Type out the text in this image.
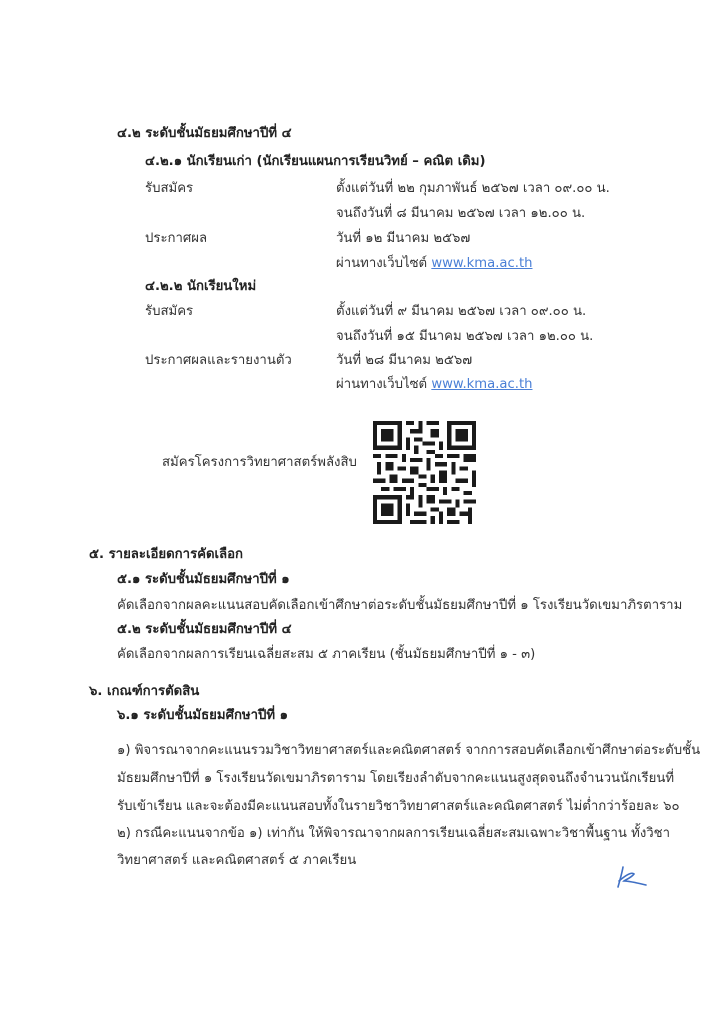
๔.๒ ระดับชั้นมัธยมศึกษาปีที่ ๔
๔.๒.๑ นักเรียนเก่า (นักเรียนแผนการเรียนวิทย์ – คณิต เดิม)
รับสมัคร	ตั้งแต่วันที่ ๒๒ กุมภาพันธ์ ๒๕๖๗ เวลา ๐๙.๐๐ น.
จนถึงวันที่ ๘ มีนาคม ๒๕๖๗ เวลา ๑๒.๐๐ น.
ประกาศผล	วันที่ ๑๒ มีนาคม ๒๕๖๗
ผ่านทางเว็บไซต์ www.kma.ac.th
๔.๒.๒ นักเรียนใหม่
รับสมัคร	ตั้งแต่วันที่ ๙ มีนาคม ๒๕๖๗ เวลา ๐๙.๐๐ น.
จนถึงวันที่ ๑๕ มีนาคม ๒๕๖๗ เวลา ๑๒.๐๐ น.
ประกาศผลและรายงานตัว	วันที่ ๒๘ มีนาคม ๒๕๖๗
ผ่านทางเว็บไซต์ www.kma.ac.th
สมัครโครงการวิทยาศาสตร์พลังสิบ
๕. รายละเอียดการคัดเลือก
๕.๑ ระดับชั้นมัธยมศึกษาปีที่ ๑
คัดเลือกจากผลคะแนนสอบคัดเลือกเข้าศึกษาต่อระดับชั้นมัธยมศึกษาปีที่ ๑ โรงเรียนวัดเขมาภิรตาราม
๕.๒ ระดับชั้นมัธยมศึกษาปีที่ ๔
คัดเลือกจากผลการเรียนเฉลี่ยสะสม ๕ ภาคเรียน (ชั้นมัธยมศึกษาปีที่ ๑ - ๓)
๖. เกณฑ์การตัดสิน
๖.๑ ระดับชั้นมัธยมศึกษาปีที่ ๑
๑) พิจารณาจากคะแนนรวมวิชาวิทยาศาสตร์และคณิตศาสตร์ จากการสอบคัดเลือกเข้าศึกษาต่อระดับชั้น
มัธยมศึกษาปีที่ ๑ โรงเรียนวัดเขมาภิรตาราม โดยเรียงลำดับจากคะแนนสูงสุดจนถึงจำนวนนักเรียนที่
รับเข้าเรียน และจะต้องมีคะแนนสอบทั้งในรายวิชาวิทยาศาสตร์และคณิตศาสตร์ ไม่ต่ำกว่าร้อยละ ๖๐
๒) กรณีคะแนนจากข้อ ๑) เท่ากัน ให้พิจารณาจากผลการเรียนเฉลี่ยสะสมเฉพาะวิชาพื้นฐาน ทั้งวิชา
วิทยาศาสตร์ และคณิตศาสตร์ ๕ ภาคเรียน
